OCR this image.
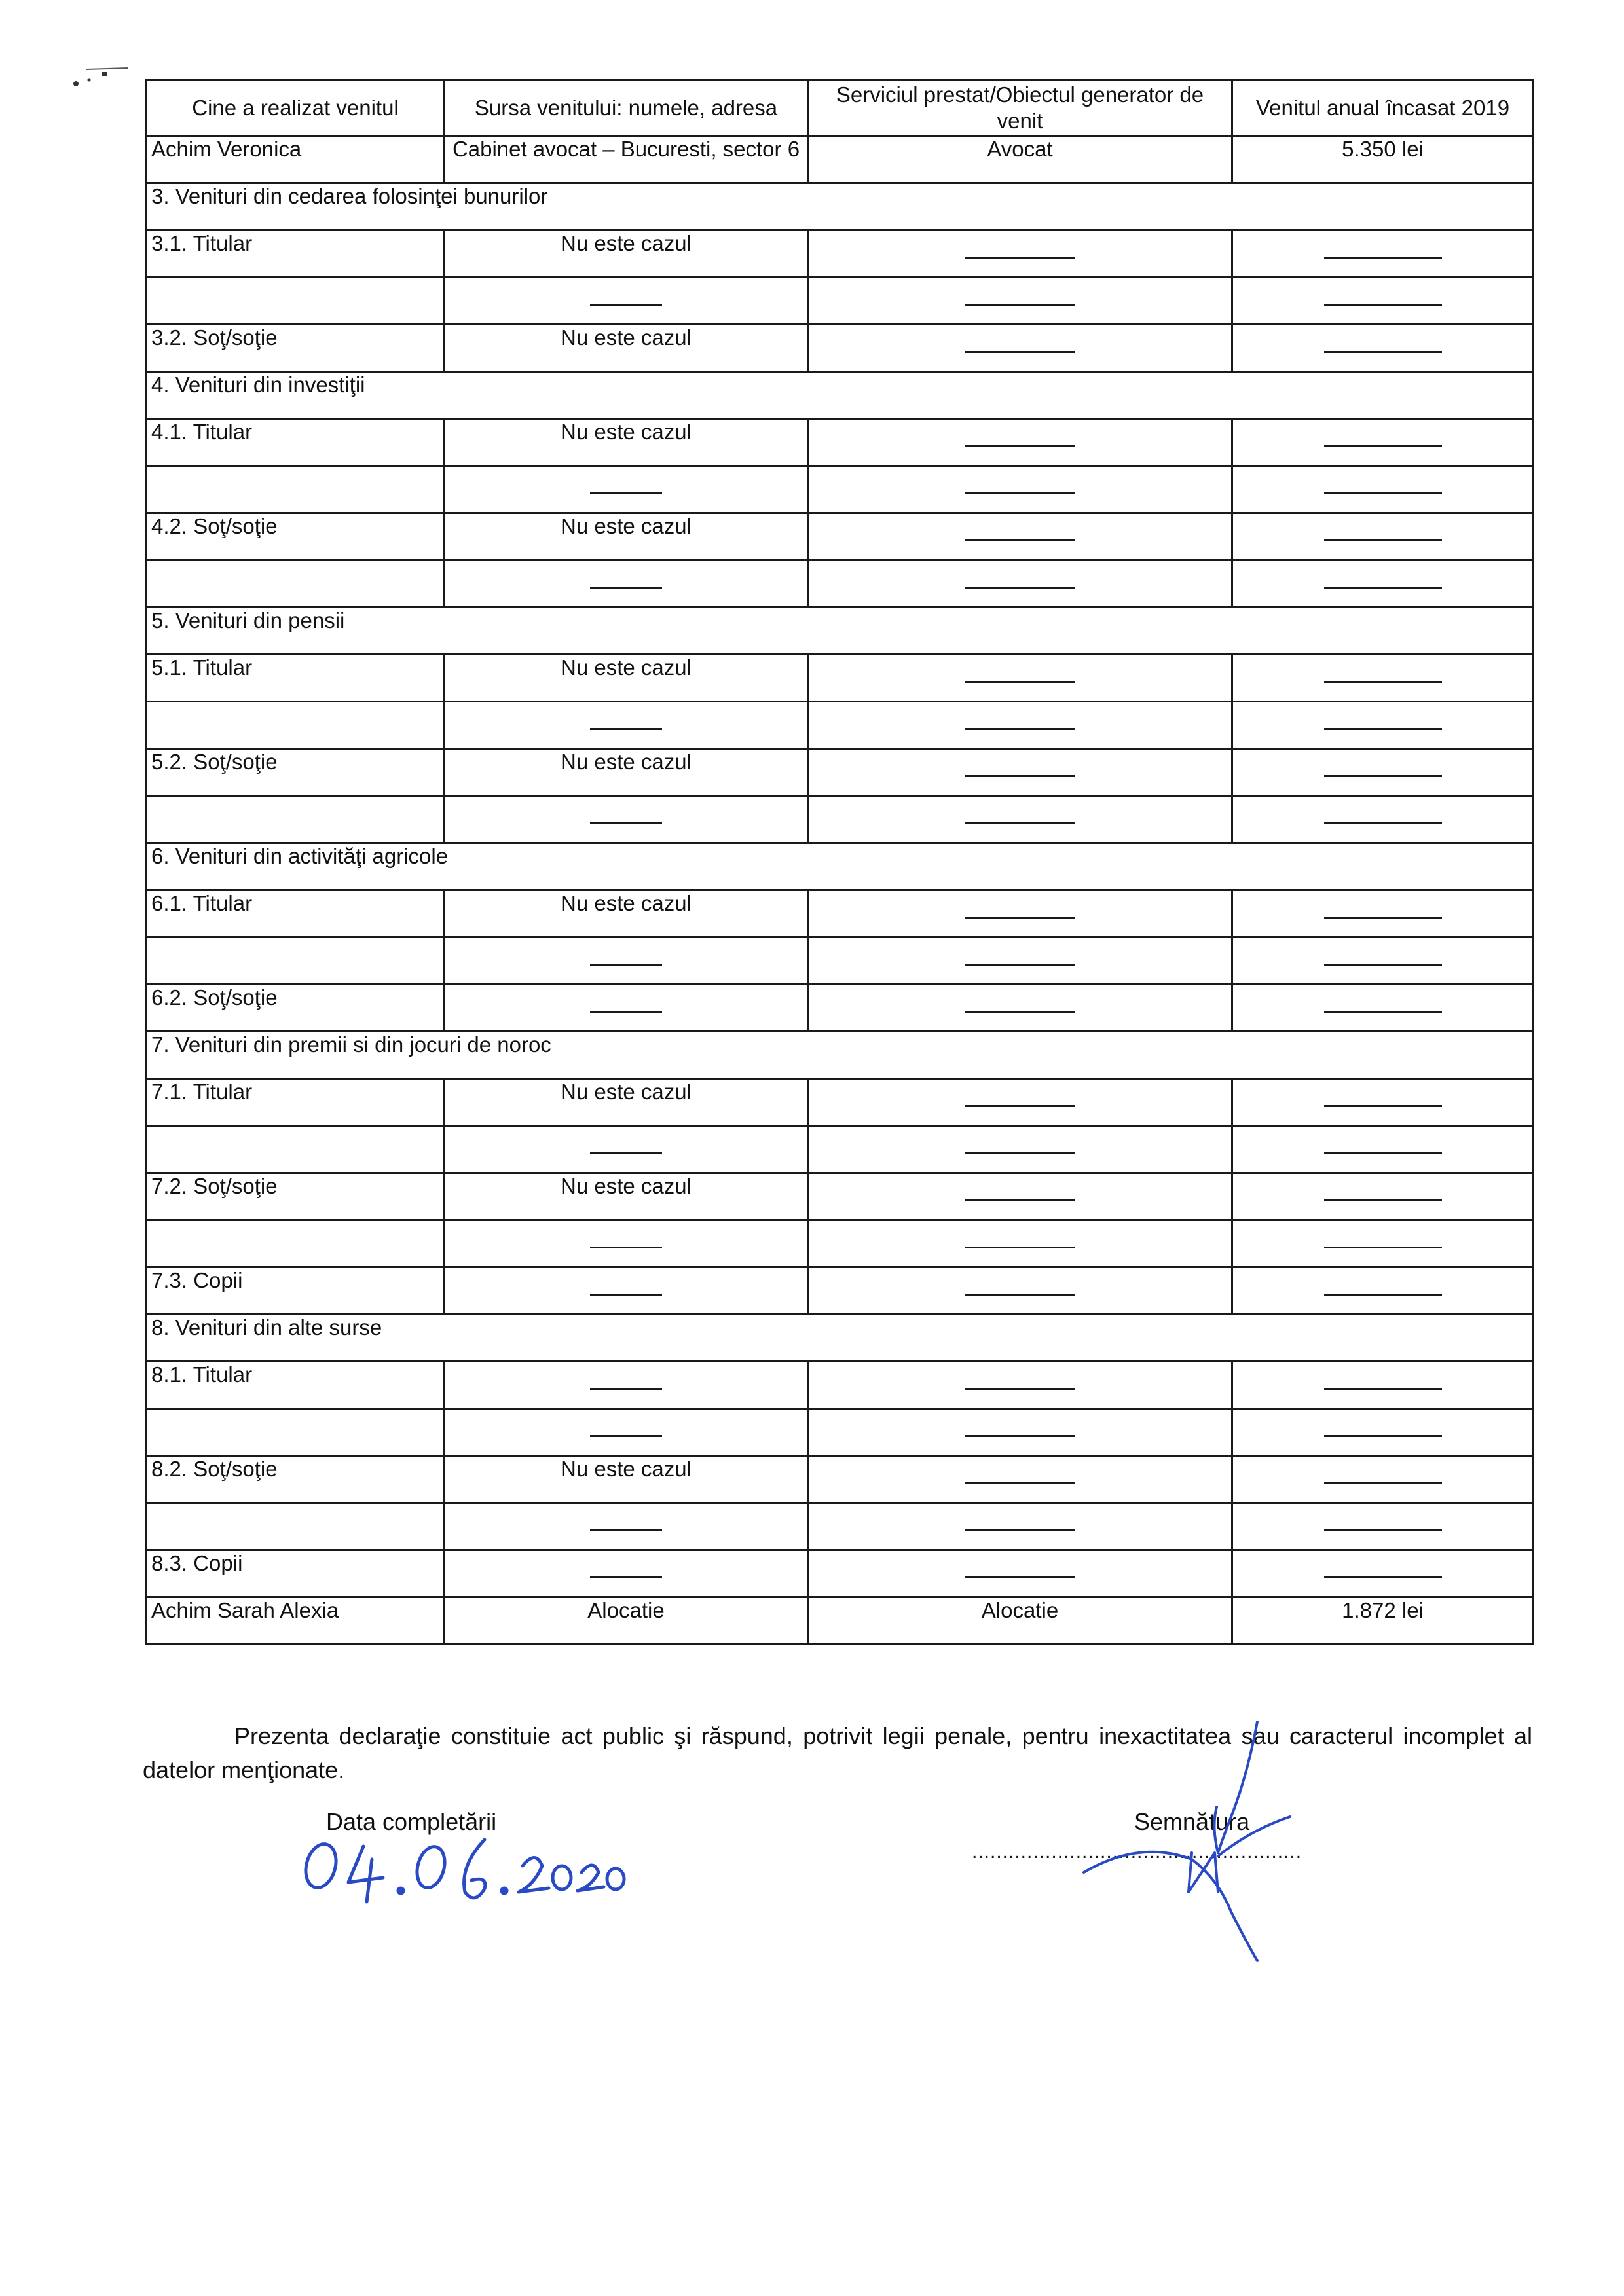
Cine a realizat venitul	Sursa venitului: numele, adresa	Serviciul prestat/Obiectul generator de venit	Venitul anual încasat 2019
Achim Veronica	Cabinet avocat – Bucuresti, sector 6	Avocat	5.350 lei
3. Venituri din cedarea folosinţei bunurilor			
3.1. Titular	Nu este cazul		

3.2. Soţ/soţie	Nu este cazul		
4. Venituri din investiţii			
4.1. Titular	Nu este cazul		

4.2. Soţ/soţie	Nu este cazul		

5. Venituri din pensii			
5.1. Titular	Nu este cazul		

5.2. Soţ/soţie	Nu este cazul		

6. Venituri din activităţi agricole			
6.1. Titular	Nu este cazul		

6.2. Soţ/soţie			
7. Venituri din premii si din jocuri de noroc			
7.1. Titular	Nu este cazul		

7.2. Soţ/soţie	Nu este cazul		

7.3. Copii			
8. Venituri din alte surse			
8.1. Titular			

8.2. Soţ/soţie	Nu este cazul		

8.3. Copii			
Achim Sarah Alexia	Alocatie	Alocatie	1.872 lei
Prezenta declaraţie constituie act public şi răspund, potrivit legii penale, pentru inexactitatea sau caracterul incomplet al datelor menţionate.
Data completării	Semnătura
......................................................
